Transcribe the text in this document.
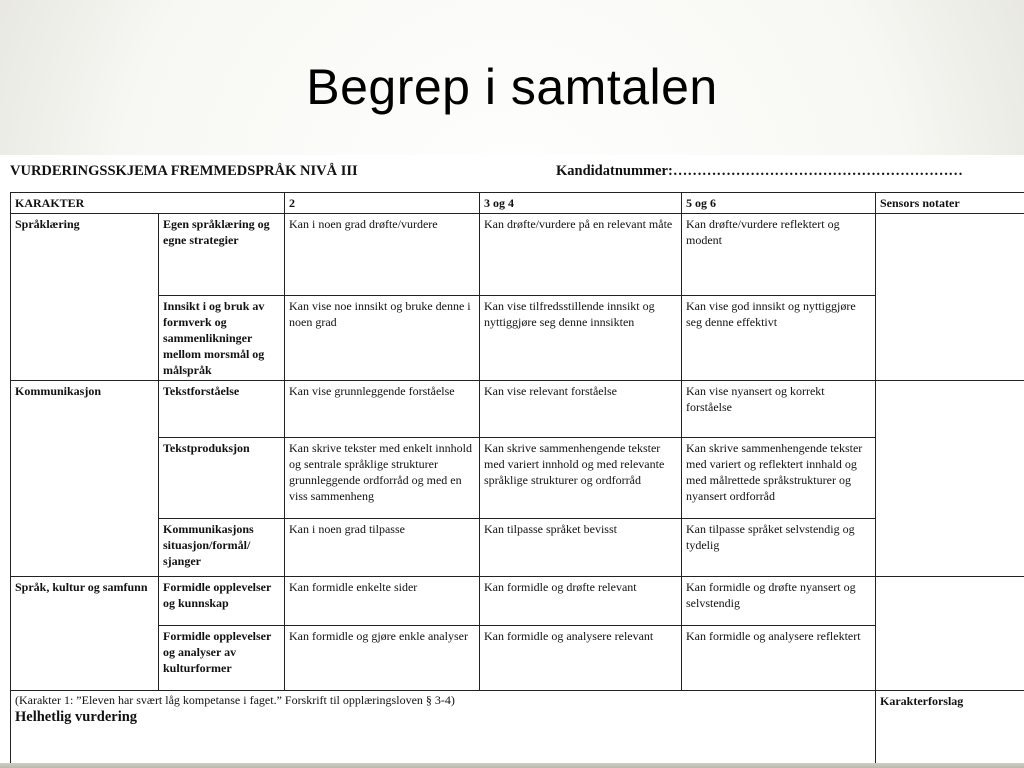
Begrep i samtalen
VURDERINGSSKJEMA FREMMEDSPRÅK NIVÅ III	Kandidatnummer:……………………………………………………
KARAKTER		2	3 og 4	5 og 6	Sensors notater
Språklæring	Egen språklæring og egne strategier	Kan i noen grad drøfte/vurdere	Kan drøfte/vurdere på en relevant måte	Kan drøfte/vurdere reflektert og modent	
	Innsikt i og bruk av formverk og sammenlikninger mellom morsmål og målspråk	Kan vise noe innsikt og bruke denne i noen grad	Kan vise tilfredsstillende innsikt og nyttiggjøre seg denne innsikten	Kan vise god innsikt og nyttiggjøre seg denne effektivt	
Kommunikasjon	Tekstforståelse	Kan vise grunnleggende forståelse	Kan vise relevant forståelse	Kan vise nyansert og korrekt forståelse	
	Tekstproduksjon	Kan skrive tekster med enkelt innhold og sentrale språklige strukturer grunnleggende ordforråd og med en viss sammenheng	Kan skrive sammenhengende tekster med variert innhold og med relevante språklige strukturer og ordforråd	Kan skrive sammenhengende tekster med variert og reflektert innhald og med målrettede språkstrukturer og nyansert ordforråd	
	Kommunikasjons situasjon/formål/ sjanger	Kan i noen grad tilpasse	Kan tilpasse språket bevisst	Kan tilpasse språket selvstendig og tydelig	
Språk, kultur og samfunn	Formidle opplevelser og kunnskap	Kan formidle enkelte sider	Kan formidle og drøfte relevant	Kan formidle og drøfte nyansert og selvstendig	
	Formidle opplevelser og analyser av kulturformer	Kan formidle og gjøre enkle analyser	Kan formidle og analysere relevant	Kan formidle og analysere reflektert	

(Karakter 1: ”Eleven har svært låg kompetanse i faget.” Forskrift til opplæringsloven § 3-4)
Helhetlig vurdering					Karakterforslag
